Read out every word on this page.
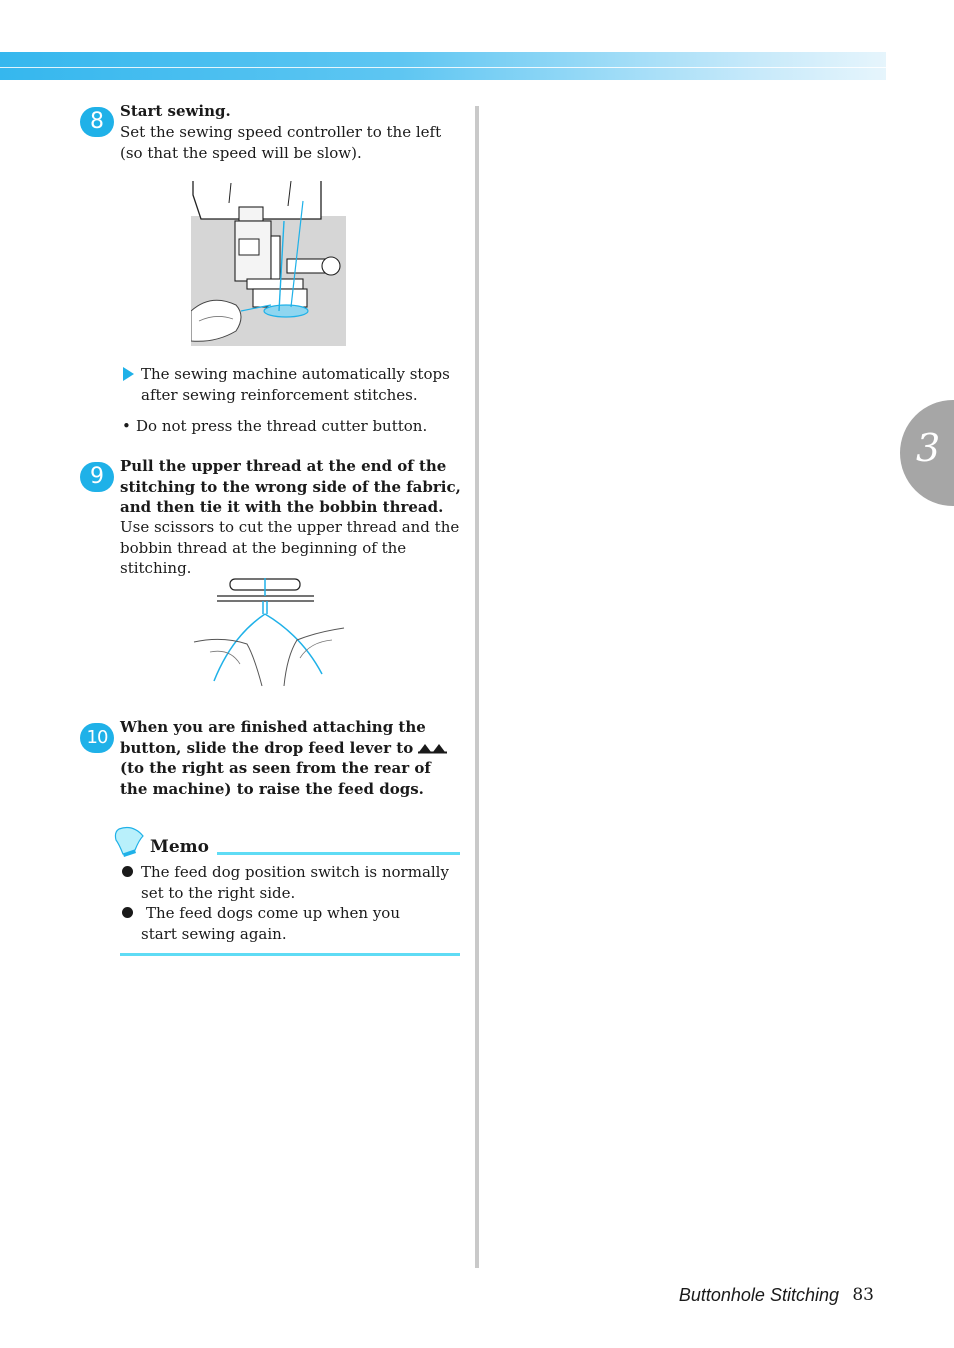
3
8	Start sewing.
Set the sewing speed controller to the left (so that the speed will be slow).
The sewing machine automatically stops after sewing reinforcement stitches.
• Do not press the thread cutter button.
9	Pull the upper thread at the end of the stitching to the wrong side of the fabric, and then tie it with the bobbin thread.
Use scissors to cut the upper thread and the bobbin thread at the beginning of the stitching.
10 When you are finished attaching the button, slide the drop feed lever to  (to the right as seen from the rear of the machine) to raise the feed dogs.
Memo
The feed dog position switch is normally set to the right side.
The feed dogs come up when you start sewing again.
Buttonhole Stitching 83
